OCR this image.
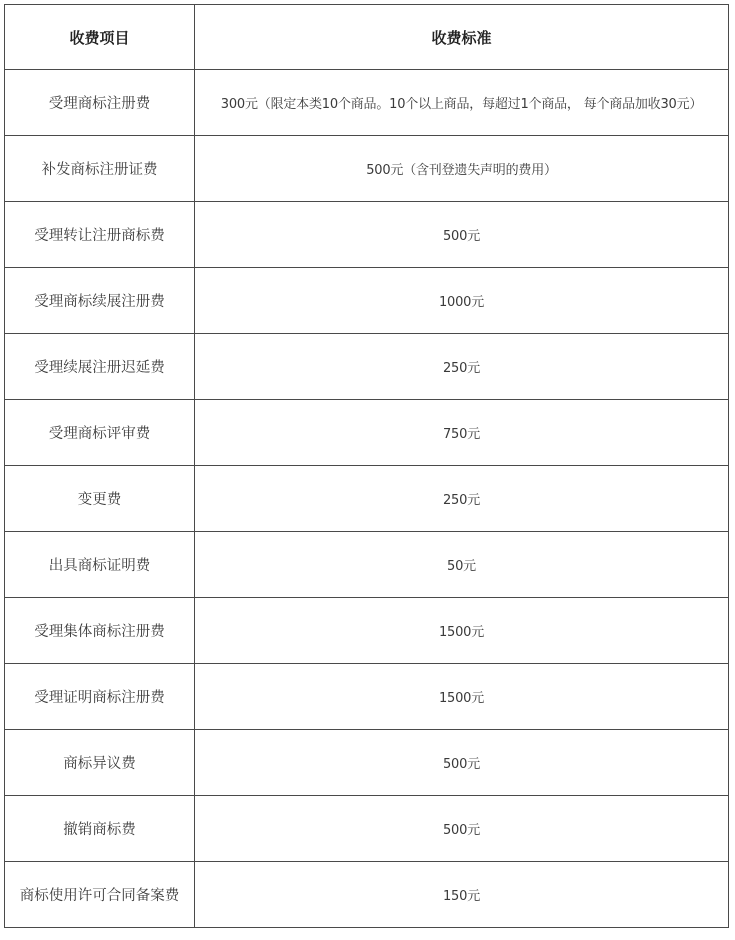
收费项目	收费标准
受理商标注册费	300元（限定本类10个商品。10个以上商品，每超过1个商品， 每个商品加收30元）
补发商标注册证费	500元（含刊登遗失声明的费用）
受理转让注册商标费	500元
受理商标续展注册费	1000元
受理续展注册迟延费	250元
受理商标评审费	750元
变更费	250元
出具商标证明费	50元
受理集体商标注册费	1500元
受理证明商标注册费	1500元
商标异议费	500元
撤销商标费	500元
商标使用许可合同备案费	150元
